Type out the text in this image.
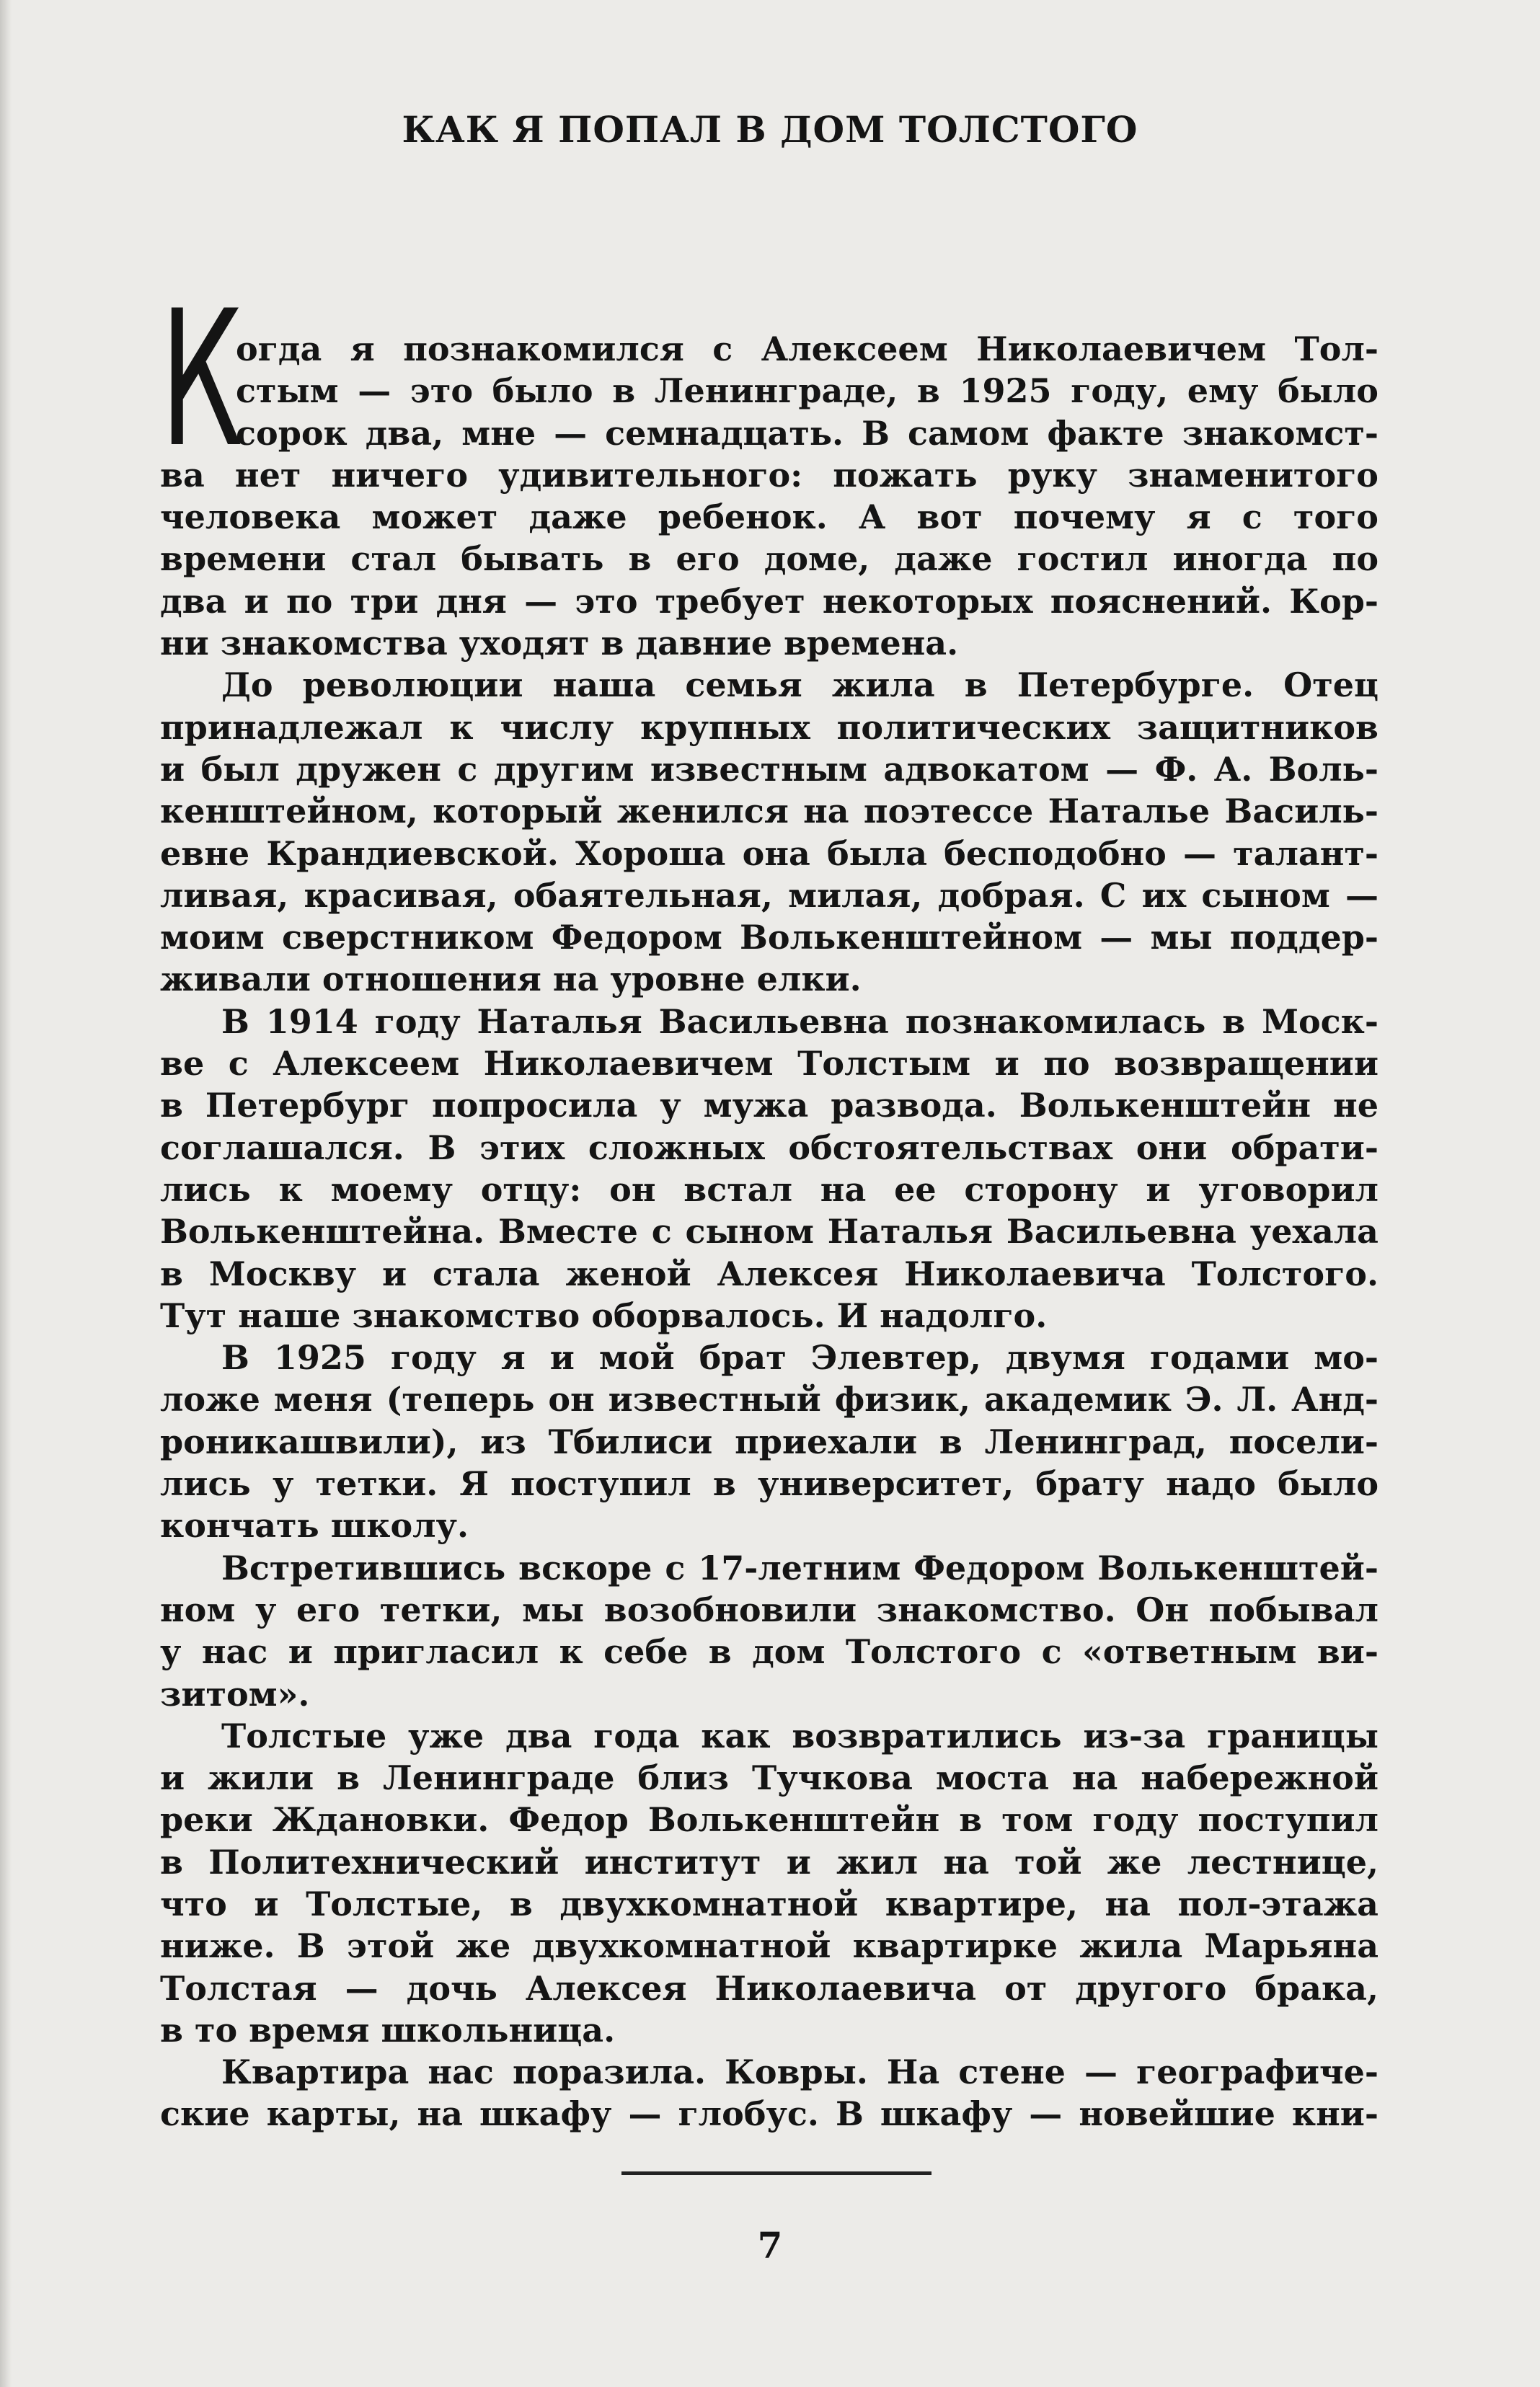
КАК Я ПОПАЛ В ДОМ ТОЛСТОГО
К
огда я познакомился с Алексеем Николаевичем Тол-
стым — это было в Ленинграде, в 1925 году, ему было
сорок два, мне — семнадцать. В самом факте знакомст-
ва нет ничего удивительного: пожать руку знаменитого
человека может даже ребенок. А вот почему я с того
времени стал бывать в его доме, даже гостил иногда по
два и по три дня — это требует некоторых пояснений. Кор-
ни знакомства уходят в давние времена.
До революции наша семья жила в Петербурге. Отец
принадлежал к числу крупных политических защитников
и был дружен с другим известным адвокатом — Ф. А. Воль-
кенштейном, который женился на поэтессе Наталье Василь-
евне Крандиевской. Хороша она была бесподобно — талант-
ливая, красивая, обаятельная, милая, добрая. С их сыном —
моим сверстником Федором Волькенштейном — мы поддер-
живали отношения на уровне елки.
В 1914 году Наталья Васильевна познакомилась в Моск-
ве с Алексеем Николаевичем Толстым и по возвращении
в Петербург попросила у мужа развода. Волькенштейн не
соглашался. В этих сложных обстоятельствах они обрати-
лись к моему отцу: он встал на ее сторону и уговорил
Волькенштейна. Вместе с сыном Наталья Васильевна уехала
в Москву и стала женой Алексея Николаевича Толстого.
Тут наше знакомство оборвалось. И надолго.
В 1925 году я и мой брат Элевтер, двумя годами мо-
ложе меня (теперь он известный физик, академик Э. Л. Анд-
роникашвили), из Тбилиси приехали в Ленинград, посели-
лись у тетки. Я поступил в университет, брату надо было
кончать школу.
Встретившись вскоре с 17-летним Федором Волькенштей-
ном у его тетки, мы возобновили знакомство. Он побывал
у нас и пригласил к себе в дом Толстого с «ответным ви-
зитом».
Толстые уже два года как возвратились из-за границы
и жили в Ленинграде близ Тучкова моста на набережной
реки Ждановки. Федор Волькенштейн в том году поступил
в Политехнический институт и жил на той же лестнице,
что и Толстые, в двухкомнатной квартире, на пол-этажа
ниже. В этой же двухкомнатной квартирке жила Марьяна
Толстая — дочь Алексея Николаевича от другого брака,
в то время школьница.
Квартира нас поразила. Ковры. На стене — географиче-
ские карты, на шкафу — глобус. В шкафу — новейшие кни-
7
